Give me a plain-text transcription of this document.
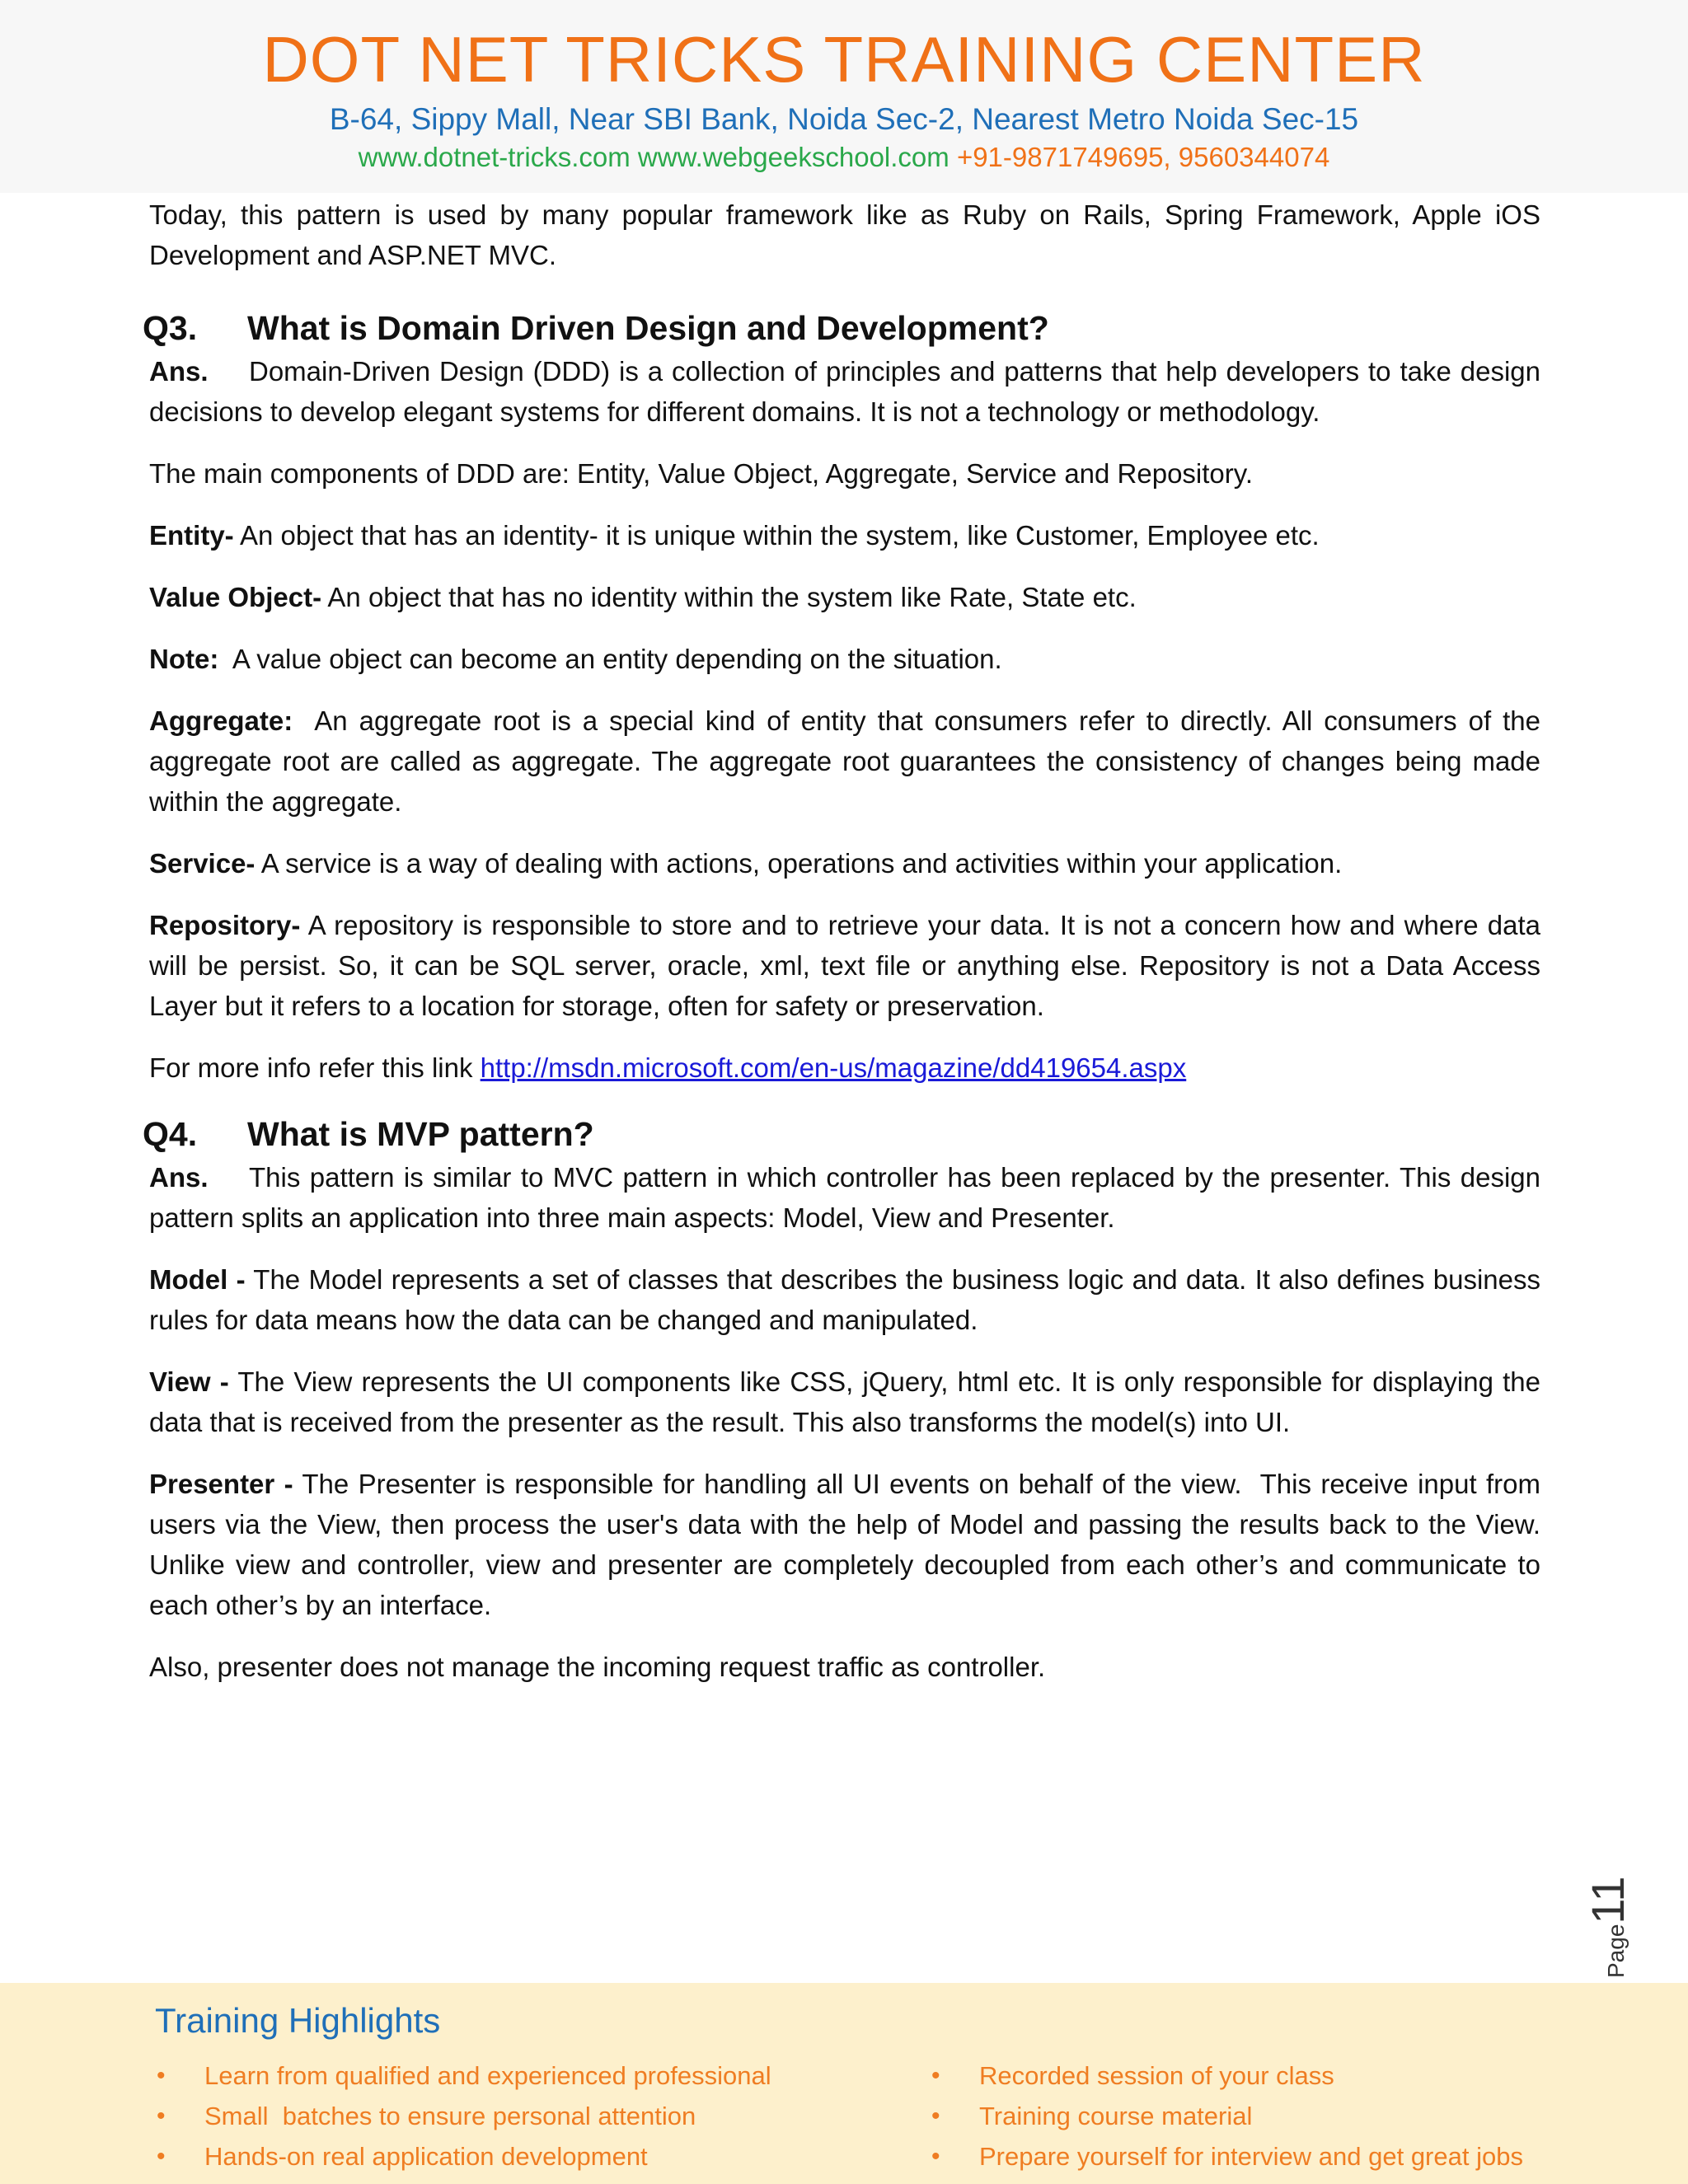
DOT NET TRICKS TRAINING CENTER
B-64, Sippy Mall, Near SBI Bank, Noida Sec-2, Nearest Metro Noida Sec-15
www.dotnet-tricks.com www.webgeekschool.com +91-9871749695, 9560344074

Today, this pattern is used by many popular framework like as Ruby on Rails, Spring Framework, Apple iOS Development and ASP.NET MVC.

Q3. What is Domain Driven Design and Development?

Ans. Domain-Driven Design (DDD) is a collection of principles and patterns that help developers to take design decisions to develop elegant systems for different domains. It is not a technology or methodology.

The main components of DDD are: Entity, Value Object, Aggregate, Service and Repository.

Entity- An object that has an identity- it is unique within the system, like Customer, Employee etc.

Value Object- An object that has no identity within the system like Rate, State etc.

Note:  A value object can become an entity depending on the situation.

Aggregate:  An aggregate root is a special kind of entity that consumers refer to directly. All consumers of the aggregate root are called as aggregate. The aggregate root guarantees the consistency of changes being made within the aggregate.

Service- A service is a way of dealing with actions, operations and activities within your application.

Repository- A repository is responsible to store and to retrieve your data. It is not a concern how and where data will be persist. So, it can be SQL server, oracle, xml, text file or anything else. Repository is not a Data Access Layer but it refers to a location for storage, often for safety or preservation.

For more info refer this link http://msdn.microsoft.com/en-us/magazine/dd419654.aspx

Q4. What is MVP pattern?

Ans. This pattern is similar to MVC pattern in which controller has been replaced by the presenter. This design pattern splits an application into three main aspects: Model, View and Presenter.

Model - The Model represents a set of classes that describes the business logic and data. It also defines business rules for data means how the data can be changed and manipulated.

View - The View represents the UI components like CSS, jQuery, html etc. It is only responsible for displaying the data that is received from the presenter as the result. This also transforms the model(s) into UI.

Presenter - The Presenter is responsible for handling all UI events on behalf of the view.  This receive input from users via the View, then process the user's data with the help of Model and passing the results back to the View. Unlike view and controller, view and presenter are completely decoupled from each other’s and communicate to each other’s by an interface.

Also, presenter does not manage the incoming request traffic as controller.

Page11
Training Highlights
• Learn from qualified and experienced professional
• Small  batches to ensure personal attention
• Hands-on real application development
• Recorded session of your class
• Training course material
• Prepare yourself for interview and get great jobs
